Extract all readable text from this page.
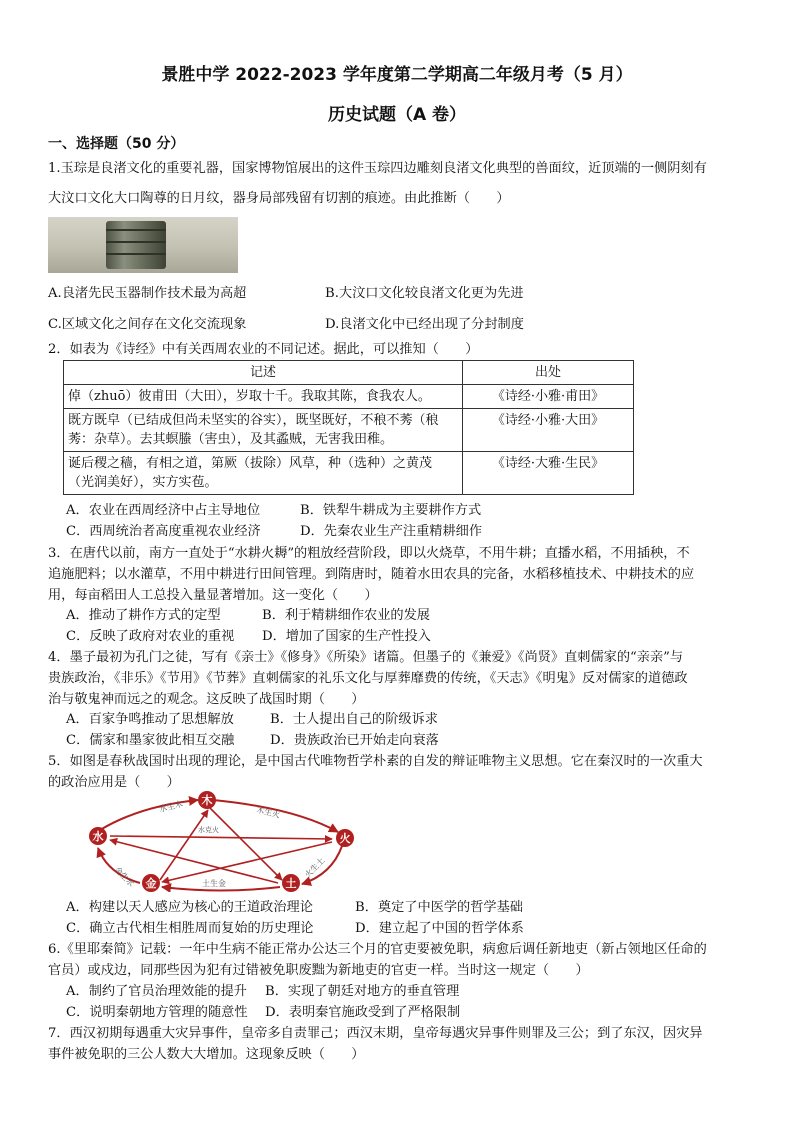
景胜中学 2022-2023 学年度第二学期高二年级月考（5 月）
历史试题（A 卷）
一、选择题（50 分）
1.玉琮是良渚文化的重要礼器，国家博物馆展出的这件玉琮四边雕刻良渚文化典型的兽面纹，近顶端的一侧阴刻有
大汶口文化大口陶尊的日月纹，器身局部残留有切割的痕迹。由此推断（　　）
A.良渚先民玉器制作技术最为高超	B.大汶口文化较良渚文化更为先进
C.区域文化之间存在文化交流现象	D.良渚文化中已经出现了分封制度
2．如表为《诗经》中有关西周农业的不同记述。据此，可以推知（　　）
记述	出处
倬（zhuō）彼甫田（大田），岁取十千。我取其陈，食我农人。	《诗经·小雅·甫田》
既方既皁（已结成但尚未坚实的谷实），既坚既好，不稂不莠（稂
莠：杂草）。去其螟螣（害虫），及其蟊贼，无害我田稚。	《诗经·小雅·大田》
诞后稷之穑，有相之道，第厥（拔除）风草，种（选种）之黄茂
（光润美好），实方实苞。	《诗经·大雅·生民》
A．农业在西周经济中占主导地位	B．铁犁牛耕成为主要耕作方式
C．西周统治者高度重视农业经济	D．先秦农业生产注重精耕细作
3．在唐代以前，南方一直处于“水耕火耨”的粗放经营阶段，即以火烧草，不用牛耕；直播水稻，不用插秧，不
追施肥料；以水灌草，不用中耕进行田间管理。到隋唐时，随着水田农具的完备，水稻移植技术、中耕技术的应
用，每亩稻田人工总投入量显著增加。这一变化（　　）
A．推动了耕作方式的定型	B．利于精耕细作农业的发展
C．反映了政府对农业的重视 D．增加了国家的生产性投入
4．墨子最初为孔门之徒，写有《亲士》《修身》《所染》诸篇。但墨子的《兼爱》《尚贤》直刺儒家的“亲亲”与
贵族政治，《非乐》《节用》《节葬》直刺儒家的礼乐文化与厚葬靡费的传统，《天志》《明鬼》反对儒家的道德政
治与敬鬼神而远之的观念。这反映了战国时期（　　）
A．百家争鸣推动了思想解放	B．士人提出自己的阶级诉求
C．儒家和墨家彼此相互交融	D．贵族政治已开始走向衰落
5．如图是春秋战国时出现的理论，是中国古代唯物哲学朴素的自发的辩证唯物主义思想。它在秦汉时的一次重大
的政治应用是（　　）
水生木	木生火
金生水	火生土
土生金
水克火
木
火
土
金
水
A．构建以天人感应为核心的王道政治理论	B．奠定了中医学的哲学基础
C．确立古代相生相胜周而复始的历史理论	D．建立起了中国的哲学体系
6.《里耶秦简》记载：一年中生病不能正常办公达三个月的官吏要被免职，病愈后调任新地吏（新占领地区任命的
官员）或戍边，同那些因为犯有过错被免职废黜为新地吏的官吏一样。当时这一规定（　　）
A．制约了官员治理效能的提升 B．实现了朝廷对地方的垂直管理
C．说明秦朝地方管理的随意性 D．表明秦官施政受到了严格限制
7．西汉初期每遇重大灾异事件，皇帝多自责罪己；西汉末期，皇帝每遇灾异事件则罪及三公；到了东汉，因灾异
事件被免职的三公人数大大增加。这现象反映（　　）
